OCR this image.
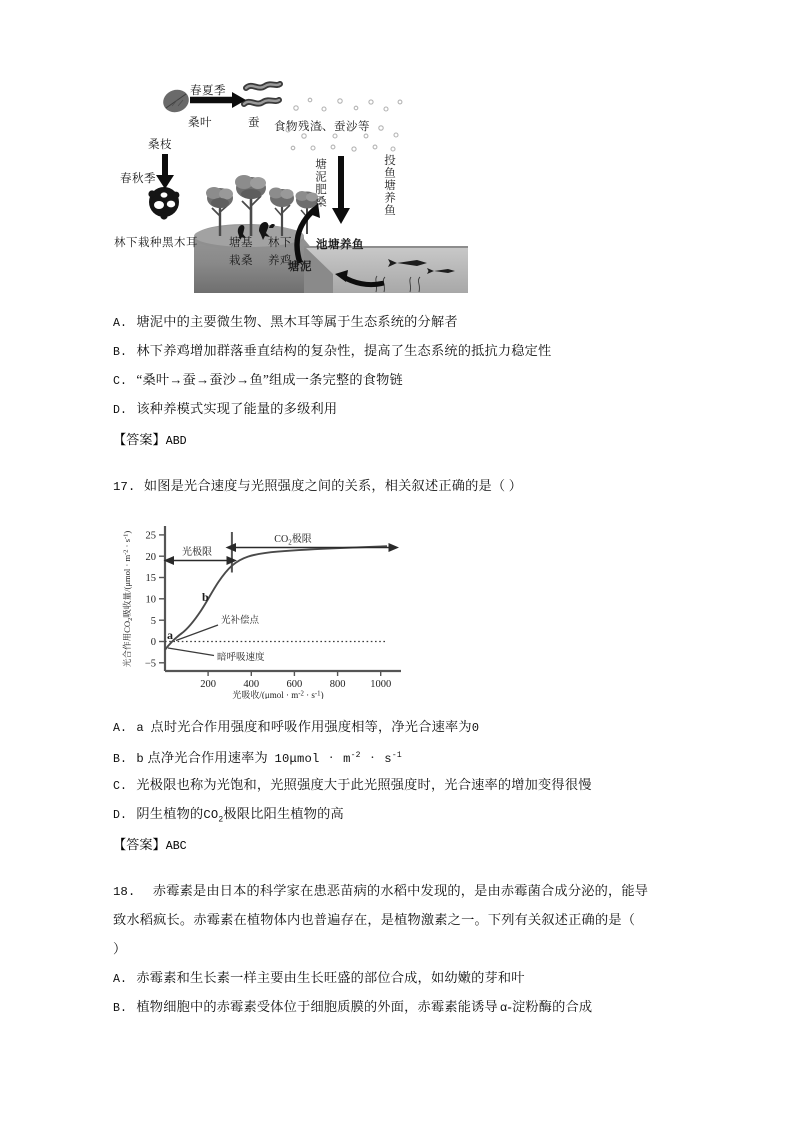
春夏季
桑叶	蚕 食物残渣、蚕沙等
桑枝
春秋季
林下栽种黑木耳	塘基
栽桑
林下
养鸡
塘泥肥桑	投鱼塘养鱼
池塘养鱼
塘泥
A. 塘泥中的主要微生物、黑木耳等属于生态系统的分解者
B. 林下养鸡增加群落垂直结构的复杂性，提高了生态系统的抵抗力稳定性
C. “桑叶→蚕→蚕沙→鱼”组成一条完整的食物链
D. 该种养模式实现了能量的多级利用
【答案】ABD
17. 如图是光合速度与光照强度之间的关系，相关叙述正确的是（ ）
25
20
15
10
5
0
−5
200	400	600	800 1000
光极限
$CO_2$极限
光补偿点
暗呼吸速度
a
b
光合作用$CO_2$吸收量$/(\mu mol \cdot m^{-2} \cdot s^{-1})$
光吸收$/(\mu mol \cdot m^{-2} \cdot s^{-1})$
A. a 点时光合作用强度和呼吸作用强度相等，净光合速率为0
B. b 点净光合作用速率为 $10\mu mol \cdot m^{-2} \cdot s^{-1}$
C. 光极限也称为光饱和，光照强度大于此光照强度时，光合速率的增加变得很慢
D. 阴生植物的$CO_2$极限比阳生植物的高
【答案】ABC
18. 赤霉素是由日本的科学家在患恶苗病的水稻中发现的，是由赤霉菌合成分泌的，能导
致水稻疯长。赤霉素在植物体内也普遍存在，是植物激素之一。下列有关叙述正确的是（
）
A. 赤霉素和生长素一样主要由生长旺盛的部位合成，如幼嫩的芽和叶
B. 植物细胞中的赤霉素受体位于细胞质膜的外面，赤霉素能诱导 α-淀粉酶的合成
